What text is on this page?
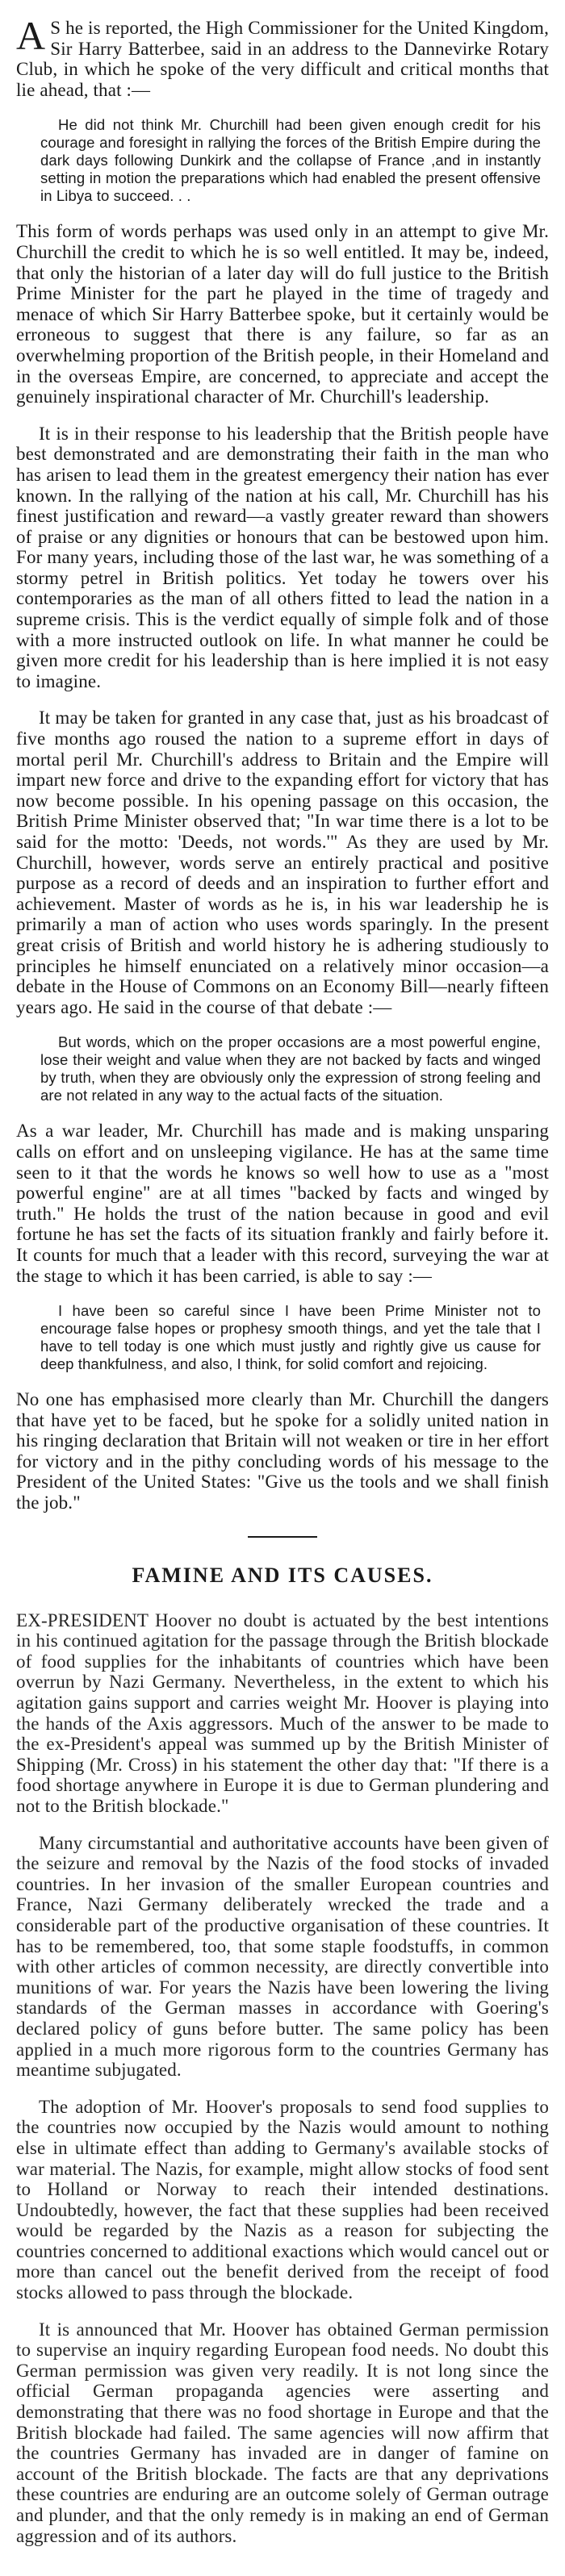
A S he is reported, the High Commissioner for the United Kingdom, Sir Harry Batterbee, said in an address to the Dannevirke Rotary Club, in which he spoke of the very difficult and critical months that lie ahead, that :—

He did not think Mr. Churchill had been given enough credit for his courage and foresight in rallying the forces of the British Empire during the dark days following Dunkirk and the collapse of France ,and in instantly setting in motion the preparations which had enabled the present offensive in Libya to succeed. . .

This form of words perhaps was used only in an attempt to give Mr. Churchill the credit to which he is so well entitled. It may be, indeed, that only the historian of a later day will do full justice to the British Prime Minister for the part he played in the time of tragedy and menace of which Sir Harry Batterbee spoke, but it certainly would be erroneous to suggest that there is any failure, so far as an overwhelming proportion of the British people, in their Homeland and in the overseas Empire, are concerned, to appreciate and accept the genuinely inspirational character of Mr. Churchill's leadership.

It is in their response to his leadership that the British people have best demonstrated and are demonstrating their faith in the man who has arisen to lead them in the greatest emergency their nation has ever known. In the rallying of the nation at his call, Mr. Churchill has his finest justification and reward—a vastly greater reward than showers of praise or any dignities or honours that can be bestowed upon him. For many years, including those of the last war, he was something of a stormy petrel in British politics. Yet today he towers over his contemporaries as the man of all others fitted to lead the nation in a supreme crisis. This is the verdict equally of simple folk and of those with a more instructed outlook on life. In what manner he could be given more credit for his leadership than is here implied it is not easy to imagine.

It may be taken for granted in any case that, just as his broadcast of five months ago roused the nation to a supreme effort in days of mortal peril Mr. Churchill's address to Britain and the Empire will impart new force and drive to the expanding effort for victory that has now become possible. In his opening passage on this occasion, the British Prime Minister observed that; "In war time there is a lot to be said for the motto: 'Deeds, not words.'" As they are used by Mr. Churchill, however, words serve an entirely practical and positive purpose as a record of deeds and an inspiration to further effort and achievement. Master of words as he is, in his war leadership he is primarily a man of action who uses words sparingly. In the present great crisis of British and world history he is adhering studiously to principles he himself enunciated on a relatively minor occasion—a debate in the House of Commons on an Economy Bill—nearly fifteen years ago. He said in the course of that debate :—

But words, which on the proper occasions are a most powerful engine, lose their weight and value when they are not backed by facts and winged by truth, when they are obviously only the expression of strong feeling and are not related in any way to the actual facts of the situation.

As a war leader, Mr. Churchill has made and is making unsparing calls on effort and on unsleeping vigilance. He has at the same time seen to it that the words he knows so well how to use as a "most powerful engine" are at all times "backed by facts and winged by truth." He holds the trust of the nation because in good and evil fortune he has set the facts of its situation frankly and fairly before it. It counts for much that a leader with this record, surveying the war at the stage to which it has been carried, is able to say :—

I have been so careful since I have been Prime Minister not to encourage false hopes or prophesy smooth things, and yet the tale that I have to tell today is one which must justly and rightly give us cause for deep thankfulness, and also, I think, for solid comfort and rejoicing.

No one has emphasised more clearly than Mr. Churchill the dangers that have yet to be faced, but he spoke for a solidly united nation in his ringing declaration that Britain will not weaken or tire in her effort for victory and in the pithy concluding words of his message to the President of the United States: "Give us the tools and we shall finish the job."

FAMINE AND ITS CAUSES.

EX-PRESIDENT Hoover no doubt is actuated by the best intentions in his continued agitation for the passage through the British blockade of food supplies for the inhabitants of countries which have been overrun by Nazi Germany. Nevertheless, in the extent to which his agitation gains support and carries weight Mr. Hoover is playing into the hands of the Axis aggressors. Much of the answer to be made to the ex-President's appeal was summed up by the British Minister of Shipping (Mr. Cross) in his statement the other day that: "If there is a food shortage anywhere in Europe it is due to German plundering and not to the British blockade."

Many circumstantial and authoritative accounts have been given of the seizure and removal by the Nazis of the food stocks of invaded countries. In her invasion of the smaller European countries and France, Nazi Germany deliberately wrecked the trade and a considerable part of the productive organisation of these countries. It has to be remembered, too, that some staple foodstuffs, in common with other articles of common necessity, are directly convertible into munitions of war. For years the Nazis have been lowering the living standards of the German masses in accordance with Goering's declared policy of guns before butter. The same policy has been applied in a much more rigorous form to the countries Germany has meantime subjugated.

The adoption of Mr. Hoover's proposals to send food supplies to the countries now occupied by the Nazis would amount to nothing else in ultimate effect than adding to Germany's available stocks of war material. The Nazis, for example, might allow stocks of food sent to Holland or Norway to reach their intended destinations. Undoubtedly, however, the fact that these supplies had been received would be regarded by the Nazis as a reason for subjecting the countries concerned to additional exactions which would cancel out or more than cancel out the benefit derived from the receipt of food stocks allowed to pass through the blockade.

It is announced that Mr. Hoover has obtained German permission to supervise an inquiry regarding European food needs. No doubt this German permission was given very readily. It is not long since the official German propaganda agencies were asserting and demonstrating that there was no food shortage in Europe and that the British blockade had failed. The same agencies will now affirm that the countries Germany has invaded are in danger of famine on account of the British blockade. The facts are that any deprivations these countries are enduring are an outcome solely of German outrage and plunder, and that the only remedy is in making an end of German aggression and of its authors.
